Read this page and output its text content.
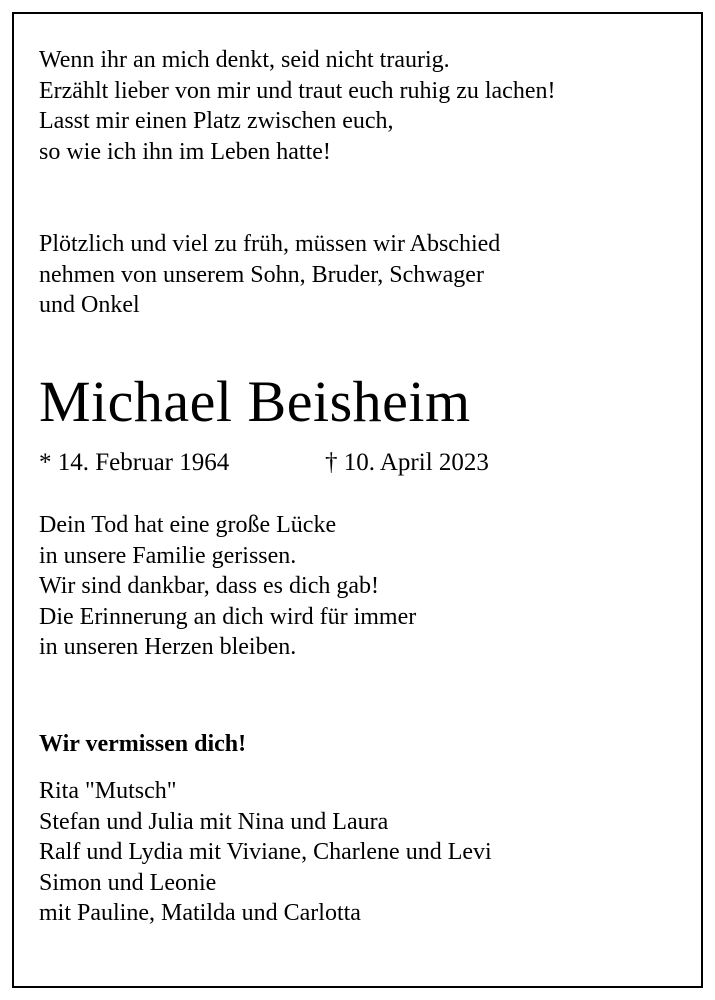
Wenn ihr an mich denkt, seid nicht traurig.
Erzählt lieber von mir und traut euch ruhig zu lachen!
Lasst mir einen Platz zwischen euch,
so wie ich ihn im Leben hatte!
Plötzlich und viel zu früh, müssen wir Abschied
nehmen von unserem Sohn, Bruder, Schwager
und Onkel
Michael Beisheim
* 14. Februar 1964	† 10. April 2023
Dein Tod hat eine große Lücke
in unsere Familie gerissen.
Wir sind dankbar, dass es dich gab!
Die Erinnerung an dich wird für immer
in unseren Herzen bleiben.
Wir vermissen dich!
Rita "Mutsch"
Stefan und Julia mit Nina und Laura
Ralf und Lydia mit Viviane, Charlene und Levi
Simon und Leonie
mit Pauline, Matilda und Carlotta
